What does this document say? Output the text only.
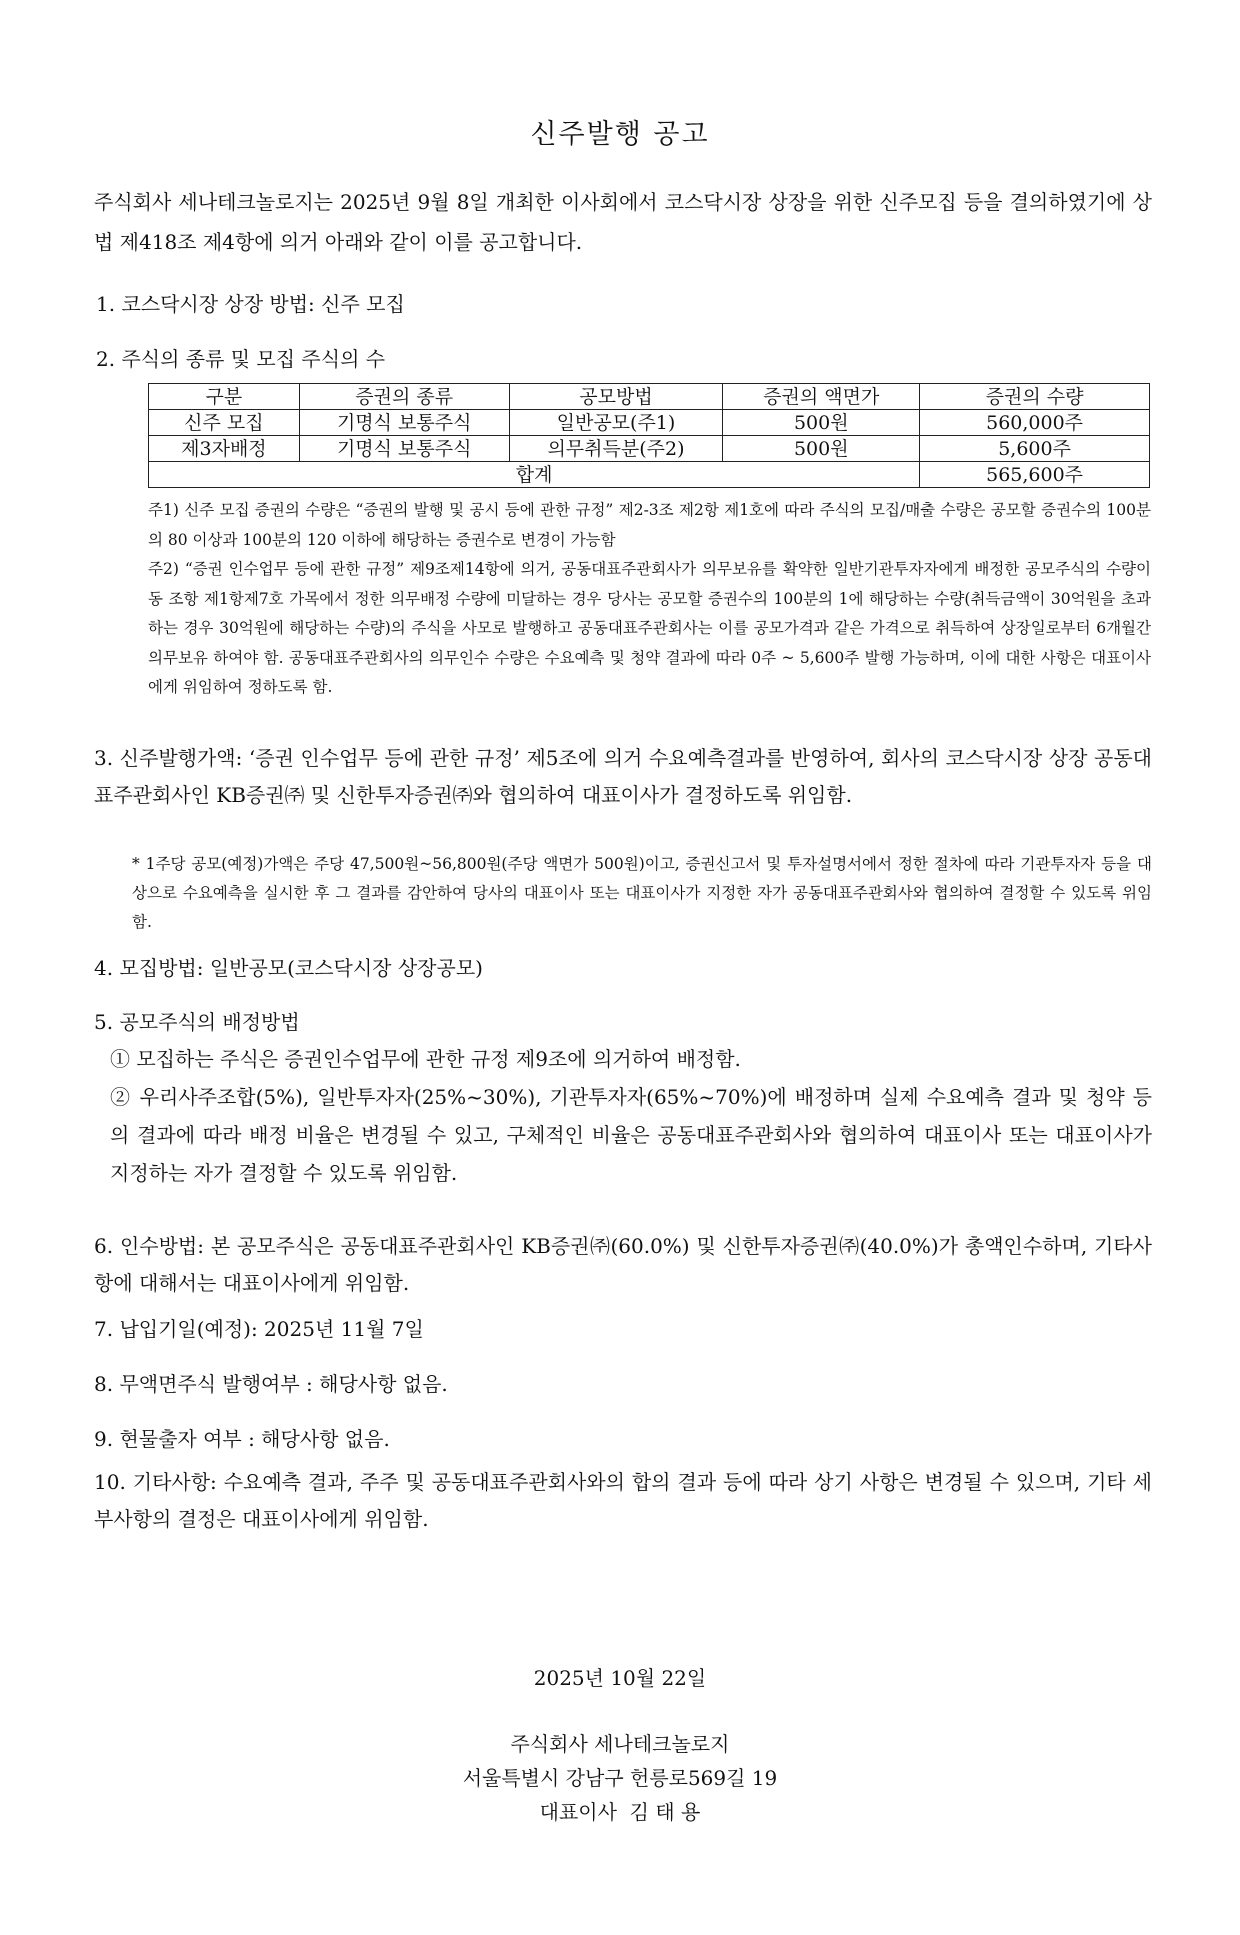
신주발행 공고
주식회사 세나테크놀로지는 2025년 9월 8일 개최한 이사회에서 코스닥시장 상장을 위한 신주모집 등을 결의하였기에 상법 제418조 제4항에 의거 아래와 같이 이를 공고합니다.
1. 코스닥시장 상장 방법: 신주 모집
2. 주식의 종류 및 모집 주식의 수
구분	증권의 종류	공모방법	증권의 액면가	증권의 수량
신주 모집	기명식 보통주식	일반공모(주1)	500원	560,000주
제3자배정	기명식 보통주식	의무취득분(주2)	500원	5,600주
합계				565,600주

주1) 신주 모집 증권의 수량은 “증권의 발행 및 공시 등에 관한 규정” 제2-3조 제2항 제1호에 따라 주식의 모집/매출 수량은 공모할 증권수의 100분의 80 이상과 100분의 120 이하에 해당하는 증권수로 변경이 가능함

주2) “증권 인수업무 등에 관한 규정” 제9조제14항에 의거, 공동대표주관회사가 의무보유를 확약한 일반기관투자자에게 배정한 공모주식의 수량이 동 조항 제1항제7호 가목에서 정한 의무배정 수량에 미달하는 경우 당사는 공모할 증권수의 100분의 1에 해당하는 수량(취득금액이 30억원을 초과하는 경우 30억원에 해당하는 수량)의 주식을 사모로 발행하고 공동대표주관회사는 이를 공모가격과 같은 가격으로 취득하여 상장일로부터 6개월간 의무보유 하여야 함. 공동대표주관회사의 의무인수 수량은 수요예측 및 청약 결과에 따라 0주 ~ 5,600주 발행 가능하며, 이에 대한 사항은 대표이사에게 위임하여 정하도록 함.

3. 신주발행가액: ‘증권 인수업무 등에 관한 규정’ 제5조에 의거 수요예측결과를 반영하여, 회사의 코스닥시장 상장 공동대표주관회사인 KB증권㈜ 및 신한투자증권㈜와 협의하여 대표이사가 결정하도록 위임함.
* 1주당 공모(예정)가액은 주당 47,500원~56,800원(주당 액면가 500원)이고, 증권신고서 및 투자설명서에서 정한 절차에 따라 기관투자자 등을 대상으로 수요예측을 실시한 후 그 결과를 감안하여 당사의 대표이사 또는 대표이사가 지정한 자가 공동대표주관회사와 협의하여 결정할 수 있도록 위임함.
4. 모집방법: 일반공모(코스닥시장 상장공모)
5. 공모주식의 배정방법
① 모집하는 주식은 증권인수업무에 관한 규정 제9조에 의거하여 배정함.
② 우리사주조합(5%), 일반투자자(25%~30%), 기관투자자(65%~70%)에 배정하며 실제 수요예측 결과 및 청약 등의 결과에 따라 배정 비율은 변경될 수 있고, 구체적인 비율은 공동대표주관회사와 협의하여 대표이사 또는 대표이사가 지정하는 자가 결정할 수 있도록 위임함.
6. 인수방법: 본 공모주식은 공동대표주관회사인 KB증권㈜(60.0%) 및 신한투자증권㈜(40.0%)가 총액인수하며, 기타사항에 대해서는 대표이사에게 위임함.
7. 납입기일(예정): 2025년 11월 7일
8. 무액면주식 발행여부 : 해당사항 없음.
9. 현물출자 여부 : 해당사항 없음.
10. 기타사항: 수요예측 결과, 주주 및 공동대표주관회사와의 합의 결과 등에 따라 상기 사항은 변경될 수 있으며, 기타 세부사항의 결정은 대표이사에게 위임함.
2025년 10월 22일
주식회사 세나테크놀로지
서울특별시 강남구 헌릉로569길 19
대표이사  김 태 용
